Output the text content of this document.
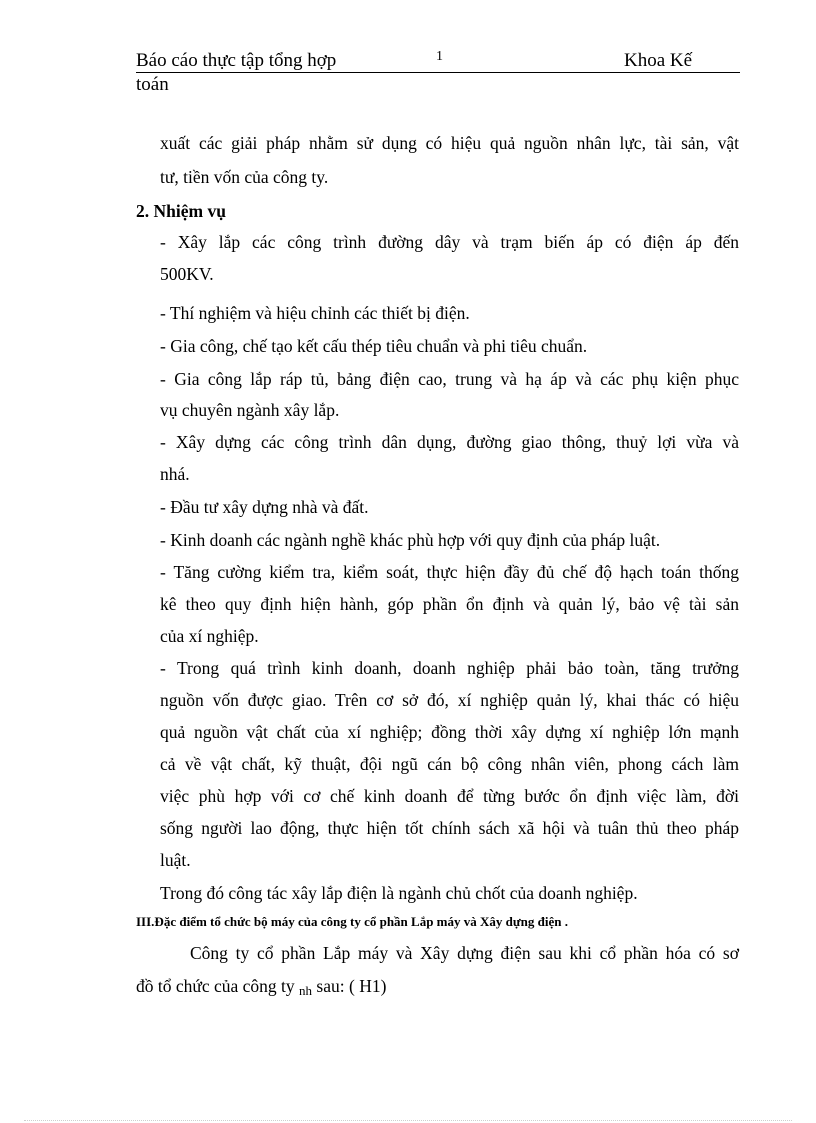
Báo cáo thực tập tổng hợp	1	Khoa Kế
toán
xuất các giải pháp nhằm sử dụng có hiệu quả nguồn nhân lực, tài sản, vật
tư, tiền vốn của công ty.
2. Nhiệm vụ
- Xây lắp các công trình đường dây và trạm biến áp có điện áp đến
500KV.
- Thí nghiệm và hiệu chỉnh các thiết bị điện.
- Gia công, chế tạo kết cấu thép tiêu chuẩn và phi tiêu chuẩn.
- Gia công lắp ráp tủ, bảng điện cao, trung và hạ áp và các phụ kiện phục
vụ chuyên ngành xây lắp.
- Xây dựng các công trình dân dụng, đường giao thông, thuỷ lợi vừa và
nhá.
- Đầu tư xây dựng nhà và đất.
- Kinh doanh các ngành nghề khác phù hợp với quy định của pháp luật.
- Tăng cường kiểm tra, kiểm soát, thực hiện đầy đủ chế độ hạch toán thống
kê theo quy định hiện hành, góp phần ổn định và quản lý, bảo vệ tài sản
của xí nghiệp.
- Trong quá trình kinh doanh, doanh nghiệp phải bảo toàn, tăng trưởng
nguồn vốn được giao. Trên cơ sở đó, xí nghiệp quản lý, khai thác có hiệu
quả nguồn vật chất của xí nghiệp; đồng thời xây dựng xí nghiệp lớn mạnh
cả về vật chất, kỹ thuật, đội ngũ cán bộ công nhân viên, phong cách làm
việc phù hợp với cơ chế kinh doanh để từng bước ổn định việc làm, đời
sống người lao động, thực hiện tốt chính sách xã hội và tuân thủ theo pháp
luật.
Trong đó công tác xây lắp điện là ngành chủ chốt của doanh nghiệp.
III.Đặc điểm tổ chức bộ máy của công ty cổ phần Lắp máy và Xây dựng điện .
Công ty cổ phần Lắp máy và Xây dựng điện sau khi cổ phần hóa có sơ
đồ tổ chức của công ty nh sau: ( H1)
